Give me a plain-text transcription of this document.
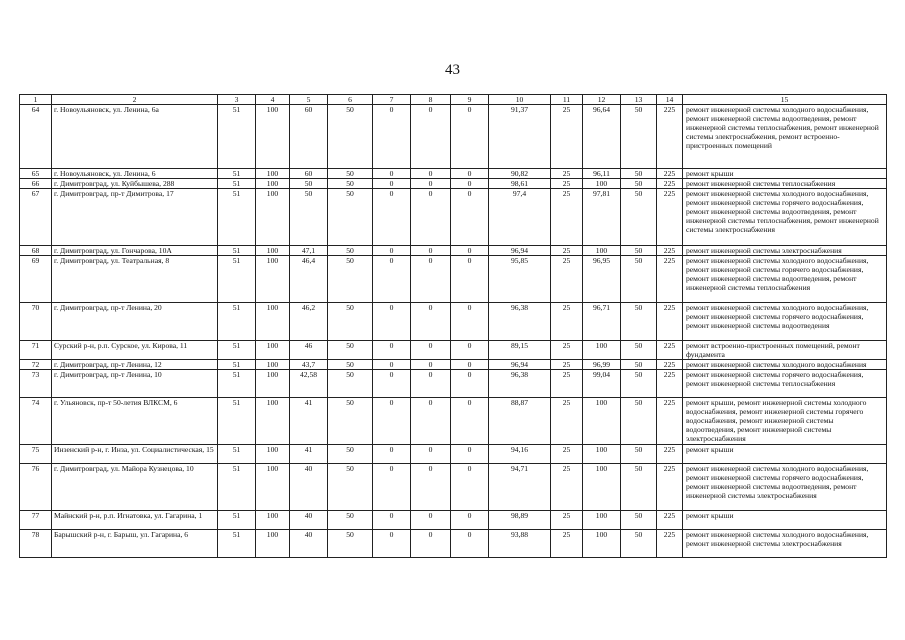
43
1	2	3	4	5	6	7	8	9	10	11	12	13	14	15
64	г. Новоульяновск, ул. Ленина, 6а	51	100	60	50	0	0	0	91,37	25	96,64	50	225	ремонт инженерной системы холодного водоснабжения, ремонт инженерной системы водоотведения, ремонт инженерной системы теплоснабжения, ремонт инженерной системы электроснабжения, ремонт встроенно-пристроенных помещений
65	г. Новоульяновск, ул. Ленина, 6	51	100	60	50	0	0	0	90,82	25	96,11	50	225	ремонт крыши
66	г. Димитровград, ул. Куйбышева, 288	51	100	50	50	0	0	0	98,61	25	100	50	225	ремонт инженерной системы теплоснабжения
67	г. Димитровград, пр-т Димитрова, 17	51	100	50	50	0	0	0	97,4	25	97,81	50	225	ремонт инженерной системы холодного водоснабжения, ремонт инженерной системы горячего водоснабжения, ремонт инженерной системы водоотведения, ремонт инженерной системы теплоснабжения, ремонт инженерной системы электроснабжения
68	г. Димитровград, ул. Гончарова, 10А	51	100	47,1	50	0	0	0	96,94	25	100	50	225	ремонт инженерной системы электроснабжения
69	г. Димитровград, ул. Театральная, 8	51	100	46,4	50	0	0	0	95,85	25	96,95	50	225	ремонт инженерной системы холодного водоснабжения, ремонт инженерной системы горячего водоснабжения, ремонт инженерной системы водоотведения, ремонт инженерной системы теплоснабжения
70	г. Димитровград, пр-т Ленина, 20	51	100	46,2	50	0	0	0	96,38	25	96,71	50	225	ремонт инженерной системы холодного водоснабжения, ремонт инженерной системы горячего водоснабжения, ремонт инженерной системы водоотведения
71	Сурский р-н, р.п. Сурское, ул. Кирова, 11	51	100	46	50	0	0	0	89,15	25	100	50	225	ремонт встроенно-пристроенных помещений, ремонт фундамента
72	г. Димитровград, пр-т Ленина, 12	51	100	43,7	50	0	0	0	96,94	25	96,99	50	225	ремонт инженерной системы холодного водоснабжения
73	г. Димитровград, пр-т Ленина, 10	51	100	42,58	50	0	0	0	96,38	25	99,04	50	225	ремонт инженерной системы горячего водоснабжения, ремонт инженерной системы теплоснабжения
74	г. Ульяновск, пр-т 50-летия ВЛКСМ, 6	51	100	41	50	0	0	0	88,87	25	100	50	225	ремонт крыши, ремонт инженерной системы холодного водоснабжения, ремонт инженерной системы горячего водоснабжения, ремонт инженерной системы водоотведения, ремонт инженерной системы электроснабжения
75	Инзенский р-н, г. Инза, ул. Социалистическая, 15	51	100	41	50	0	0	0	94,16	25	100	50	225	ремонт крыши
76	г. Димитровград, ул. Майора Кузнецова, 10	51	100	40	50	0	0	0	94,71	25	100	50	225	ремонт инженерной системы холодного водоснабжения, ремонт инженерной системы горячего водоснабжения, ремонт инженерной системы водоотведения, ремонт инженерной системы электроснабжения
77	Майнский р-н, р.п. Игнатовка, ул. Гагарина, 1	51	100	40	50	0	0	0	98,89	25	100	50	225	ремонт крыши
78	Барышский р-н, г. Барыш, ул. Гагарина, 6	51	100	40	50	0	0	0	93,88	25	100	50	225	ремонт инженерной системы холодного водоснабжения, ремонт инженерной системы электроснабжения
